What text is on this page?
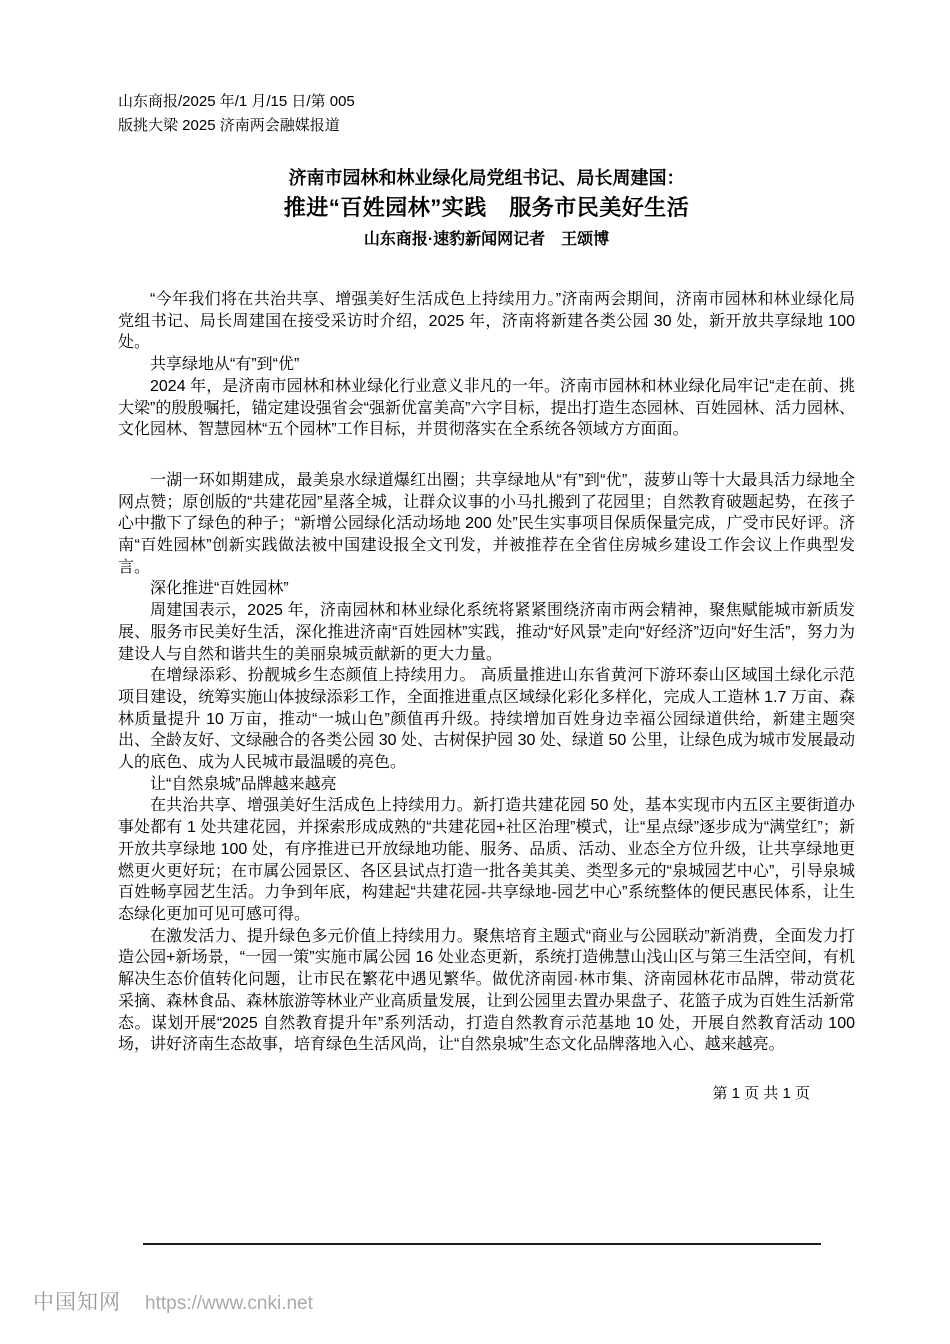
山东商报/2025 年/1 月/15 日/第 005
版挑大梁 2025 济南两会融媒报道
济南市园林和林业绿化局党组书记、局长周建国：
推进“百姓园林”实践　服务市民美好生活
山东商报·速豹新闻网记者　王颂博

“今年我们将在共治共享、增强美好生活成色上持续用力。”济南两会期间，济南市园林和林业绿化局党组书记、局长周建国在接受采访时介绍，2025 年，济南将新建各类公园 30 处，新开放共享绿地 100 处。

共享绿地从“有”到“优”

2024 年，是济南市园林和林业绿化行业意义非凡的一年。济南市园林和林业绿化局牢记“走在前、挑大梁”的殷殷嘱托，锚定建设强省会“强新优富美高”六字目标，提出打造生态园林、百姓园林、活力园林、文化园林、智慧园林“五个园林”工作目标，并贯彻落实在全系统各领域方方面面。

一湖一环如期建成，最美泉水绿道爆红出圈；共享绿地从“有”到“优”，菠萝山等十大最具活力绿地全网点赞；原创版的“共建花园”星落全城，让群众议事的小马扎搬到了花园里；自然教育破题起势，在孩子心中撒下了绿色的种子；“新增公园绿化活动场地 200 处”民生实事项目保质保量完成，广受市民好评。济南“百姓园林”创新实践做法被中国建设报全文刊发，并被推荐在全省住房城乡建设工作会议上作典型发言。

深化推进“百姓园林”

周建国表示，2025 年，济南园林和林业绿化系统将紧紧围绕济南市两会精神，聚焦赋能城市新质发展、服务市民美好生活，深化推进济南“百姓园林”实践，推动“好风景”走向“好经济”迈向“好生活”，努力为建设人与自然和谐共生的美丽泉城贡献新的更大力量。

在增绿添彩、扮靓城乡生态颜值上持续用力。 高质量推进山东省黄河下游环泰山区域国土绿化示范项目建设，统筹实施山体披绿添彩工作，全面推进重点区域绿化彩化多样化，完成人工造林 1.7 万亩、森林质量提升 10 万亩，推动“一城山色”颜值再升级。持续增加百姓身边幸福公园绿道供给，新建主题突出、全龄友好、文绿融合的各类公园 30 处、古树保护园 30 处、绿道 50 公里，让绿色成为城市发展最动人的底色、成为人民城市最温暖的亮色。

让“自然泉城”品牌越来越亮

在共治共享、增强美好生活成色上持续用力。新打造共建花园 50 处，基本实现市内五区主要街道办事处都有 1 处共建花园，并探索形成成熟的“共建花园+社区治理”模式，让“星点绿”逐步成为“满堂红”；新开放共享绿地 100 处，有序推进已开放绿地功能、服务、品质、活动、业态全方位升级，让共享绿地更燃更火更好玩；在市属公园景区、各区县试点打造一批各美其美、类型多元的“泉城园艺中心”，引导泉城百姓畅享园艺生活。力争到年底，构建起“共建花园-共享绿地-园艺中心”系统整体的便民惠民体系，让生态绿化更加可见可感可得。

在激发活力、提升绿色多元价值上持续用力。聚焦培育主题式“商业与公园联动”新消费，全面发力打造公园+新场景，“一园一策”实施市属公园 16 处业态更新，系统打造佛慧山浅山区与第三生活空间，有机解决生态价值转化问题，让市民在繁花中遇见繁华。做优济南园·林市集、济南园林花市品牌，带动赏花采摘、森林食品、森林旅游等林业产业高质量发展，让到公园里去置办果盘子、花篮子成为百姓生活新常态。谋划开展“2025 自然教育提升年”系列活动，打造自然教育示范基地 10 处，开展自然教育活动 100 场，讲好济南生态故事，培育绿色生活风尚，让“自然泉城”生态文化品牌落地入心、越来越亮。

第 1 页 共 1 页
中国知网 https://www.cnki.net
